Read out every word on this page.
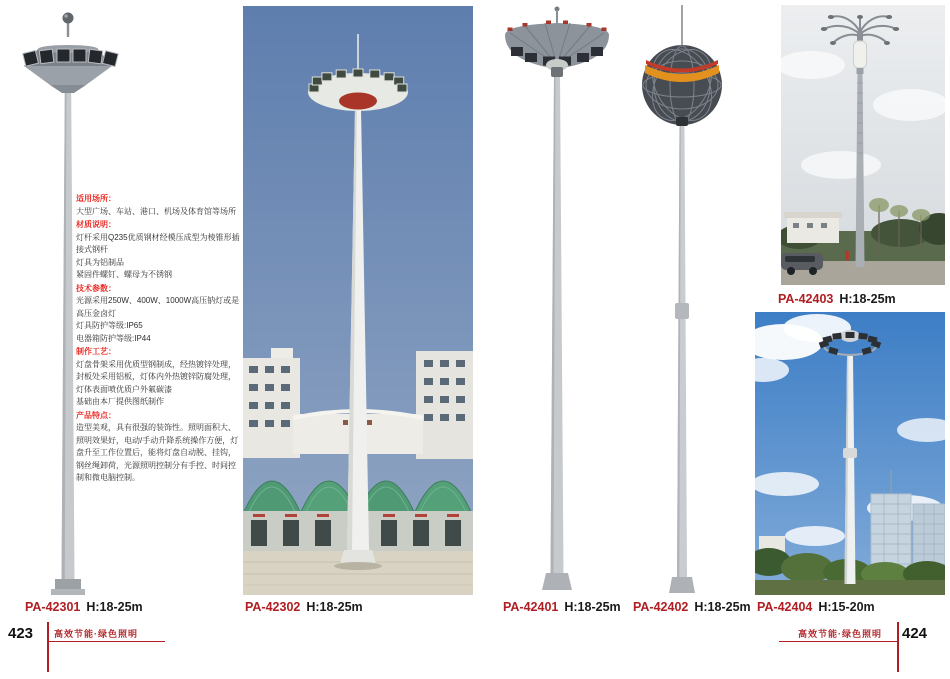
适用场所：
大型广场、车站、港口、机场及体育馆等场所
材质说明：
灯杆采用Q235优质钢材经模压成型为棱锥形插接式钢杆
灯具为铝制品
紧固件螺钉、螺母为不锈钢
技术参数：
光源采用250W、400W、1000W高压钠灯或是高压金卤灯
灯具防护等级:IP65
电器箱防护等级:IP44
制作工艺：
灯盘骨架采用优质型钢制成，经热镀锌处理，封板处采用铝板，灯体内外热镀锌防腐处理，灯体表面喷优质户外氟碳漆
基础由本厂提供图纸制作
产品特点：
造型美观，具有很强的装饰性。照明面积大、照明效果好，电动/手动升降系统操作方便，灯盘升至工作位置后，能将灯盘自动脱、挂钩，钢丝绳卸荷，光源照明控制分有手控、时间控制和微电脑控制。
PA-42301 H:18-25m	PA-42302 H:18-25m	PA-42401 H:18-25m PA-42402 H:18-25m
PA-42403 H:18-25m
PA-42404 H:15-20m
423 高效节能·绿色照明	高效节能·绿色照明 424
